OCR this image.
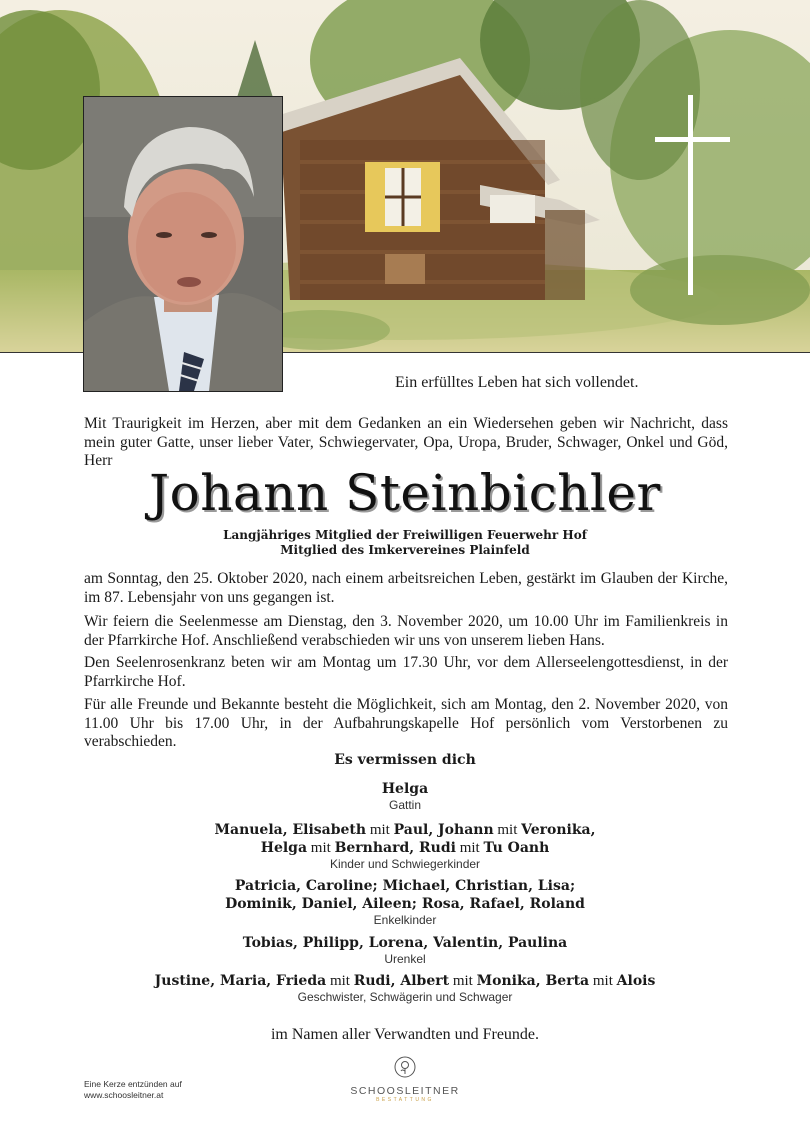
Ein erfülltes Leben hat sich vollendet.
Mit Traurigkeit im Herzen, aber mit dem Gedanken an ein Wiedersehen geben wir Nachricht, dass mein guter Gatte, unser lieber Vater, Schwiegervater, Opa, Uropa, Bruder, Schwager, Onkel und Göd, Herr
Johann Steinbichler
Langjähriges Mitglied der Freiwilligen Feuerwehr Hof
Mitglied des Imkervereines Plainfeld
am Sonntag, den 25. Oktober 2020, nach einem arbeitsreichen Leben, gestärkt im Glauben der Kirche, im 87. Lebensjahr von uns gegangen ist.
Wir feiern die Seelenmesse am Dienstag, den 3. November 2020, um 10.00 Uhr im Familienkreis in der Pfarrkirche Hof. Anschließend verabschieden wir uns von unserem lieben Hans.
Den Seelenrosenkranz beten wir am Montag um 17.30 Uhr, vor dem Allerseelengottesdienst, in der Pfarrkirche Hof.
Für alle Freunde und Bekannte besteht die Möglichkeit, sich am Montag, den 2. November 2020, von 11.00 Uhr bis 17.00 Uhr, in der Aufbahrungskapelle Hof persönlich vom Verstorbenen zu verabschieden.
Es vermissen dich
Helga
Gattin
Manuela, Elisabeth mit Paul, Johann mit Veronika,
Helga mit Bernhard, Rudi mit Tu Oanh
Kinder und Schwiegerkinder
Patricia, Caroline; Michael, Christian, Lisa;
Dominik, Daniel, Aileen; Rosa, Rafael, Roland
Enkelkinder
Tobias, Philipp, Lorena, Valentin, Paulina
Urenkel
Justine, Maria, Frieda mit Rudi, Albert mit Monika, Berta mit Alois
Geschwister, Schwägerin und Schwager
im Namen aller Verwandten und Freunde.
Eine Kerze entzünden auf
www.schoosleitner.at	SCHOOSLEITNER
BESTATTUNG
